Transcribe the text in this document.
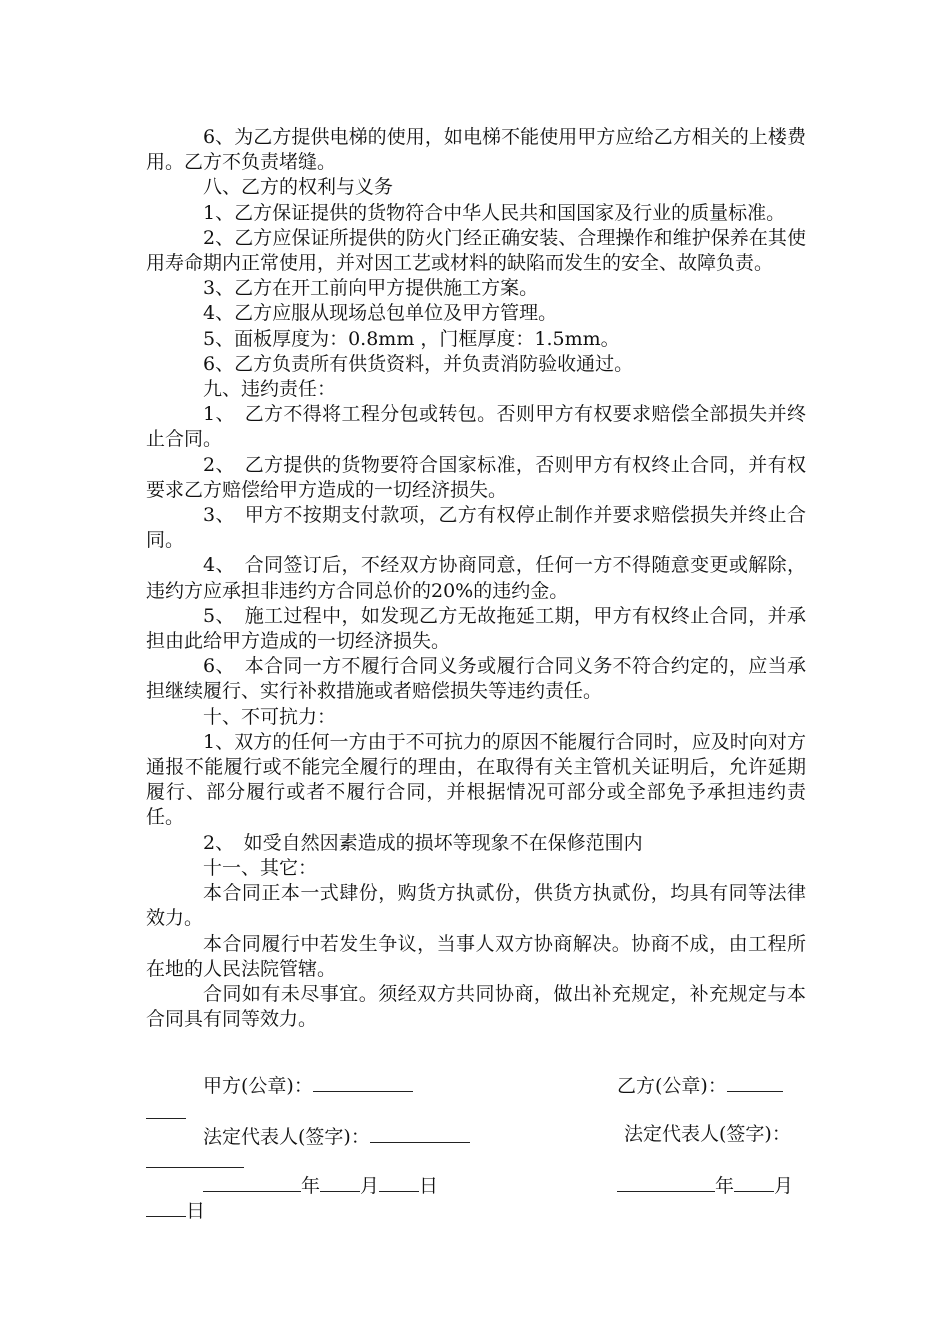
6、为乙方提供电梯的使用，如电梯不能使用甲方应给乙方相关的上楼费用。乙方不负责堵缝。

八、乙方的权利与义务

1、乙方保证提供的货物符合中华人民共和国国家及行业的质量标准。

2、乙方应保证所提供的防火门经正确安装、合理操作和维护保养在其使用寿命期内正常使用，并对因工艺或材料的缺陷而发生的安全、故障负责。

3、乙方在开工前向甲方提供施工方案。

4、乙方应服从现场总包单位及甲方管理。

5、面板厚度为：0.8mm ，门框厚度：1.5mm。

6、乙方负责所有供货资料，并负责消防验收通过。

九、违约责任：

1、　乙方不得将工程分包或转包。否则甲方有权要求赔偿全部损失并终止合同。

2、　乙方提供的货物要符合国家标准，否则甲方有权终止合同，并有权要求乙方赔偿给甲方造成的一切经济损失。

3、　甲方不按期支付款项，乙方有权停止制作并要求赔偿损失并终止合同。

4、　合同签订后，不经双方协商同意，任何一方不得随意变更或解除，违约方应承担非违约方合同总价的20%的违约金。

5、　施工过程中，如发现乙方无故拖延工期，甲方有权终止合同，并承担由此给甲方造成的一切经济损失。

6、　本合同一方不履行合同义务或履行合同义务不符合约定的，应当承担继续履行、实行补救措施或者赔偿损失等违约责任。

十、不可抗力：

1、双方的任何一方由于不可抗力的原因不能履行合同时，应及时向对方通报不能履行或不能完全履行的理由，在取得有关主管机关证明后，允许延期履行、部分履行或者不履行合同，并根据情况可部分或全部免予承担违约责任。

2、　如受自然因素造成的损坏等现象不在保修范围内

十一、其它：

本合同正本一式肆份，购货方执贰份，供货方执贰份，均具有同等法律效力。

本合同履行中若发生争议，当事人双方协商解决。协商不成，由工程所在地的人民法院管辖。

合同如有未尽事宜。须经双方共同协商，做出补充规定，补充规定与本合同具有同等效力。

甲方(公章)：	乙方(公章)：
法定代表人(签字)：	法定代表人(签字)：
年 月 日	年 月
日
